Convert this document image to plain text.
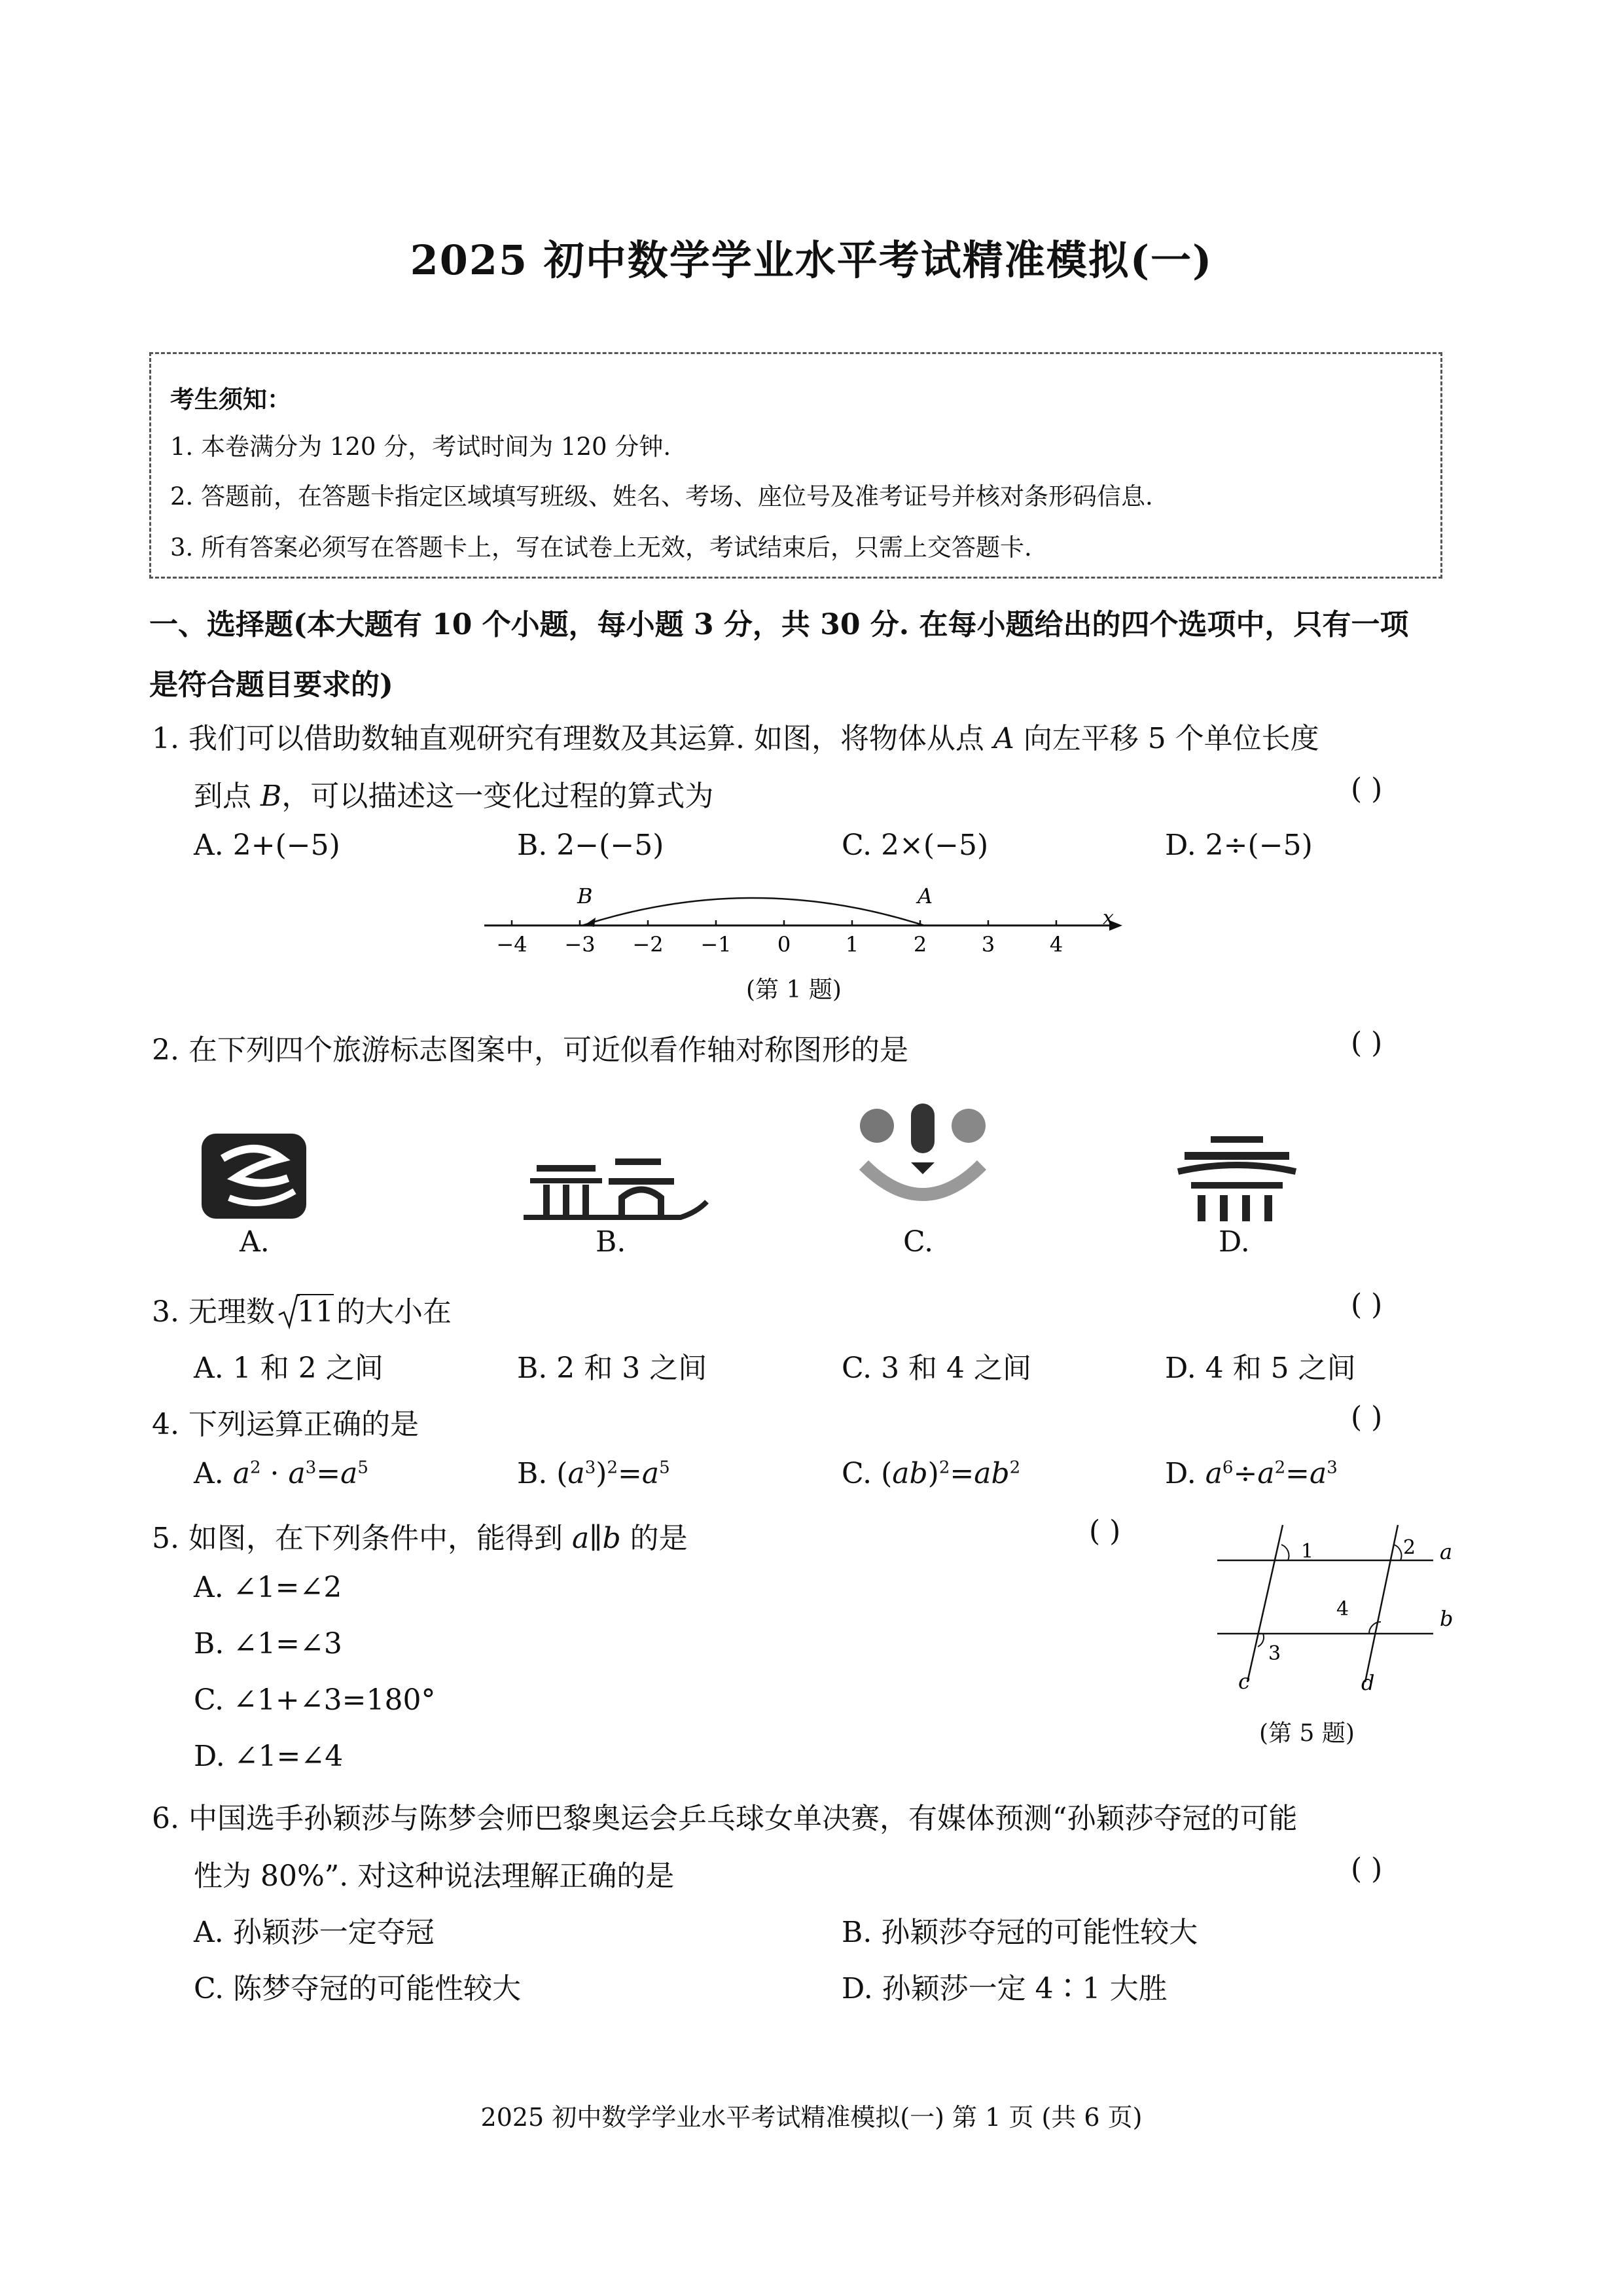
2025 初中数学学业水平考试精准模拟(一)
考生须知：
1. 本卷满分为 120 分，考试时间为 120 分钟.
2. 答题前，在答题卡指定区域填写班级、姓名、考场、座位号及准考证号并核对条形码信息.
3. 所有答案必须写在答题卡上，写在试卷上无效，考试结束后，只需上交答题卡.
一、选择题(本大题有 10 个小题，每小题 3 分，共 30 分. 在每小题给出的四个选项中，只有一项
是符合题目要求的)
1. 我们可以借助数轴直观研究有理数及其运算. 如图，将物体从点 A 向左平移 5 个单位长度
到点 B，可以描述这一变化过程的算式为	( )
A. 2+(−5)	B. 2−(−5)	C. 2×(−5)	D. 2÷(−5)
x
−4 −3 −2 −1 0	1	2	3	4
B	A
(第 1 题)
2. 在下列四个旅游标志图案中，可近似看作轴对称图形的是	( )
A.	B.	C.	D.
3. 无理数 11的大小在	( )
A. 1 和 2 之间	B. 2 和 3 之间	C. 3 和 4 之间	D. 4 和 5 之间
4. 下列运算正确的是	( )
A. $a^2 \cdot a^3=a^5$	B. $(a^3)^2=a^5$	C. $(ab)^2=ab^2$	D. $a^6\div a^2=a^3$
5. 如图，在下列条件中，能得到 a∥b 的是	( )
A. ∠1=∠2
B. ∠1=∠3
C. ∠1+∠3=180°
D. ∠1=∠4
1	2
3
4
a
b
c	d
(第 5 题)
6. 中国选手孙颖莎与陈梦会师巴黎奥运会乒乓球女单决赛，有媒体预测“孙颖莎夺冠的可能
性为 80%”. 对这种说法理解正确的是	( )
A. 孙颖莎一定夺冠	B. 孙颖莎夺冠的可能性较大
C. 陈梦夺冠的可能性较大	D. 孙颖莎一定 4∶1 大胜
2025 初中数学学业水平考试精准模拟(一) 第 1 页 (共 6 页)
